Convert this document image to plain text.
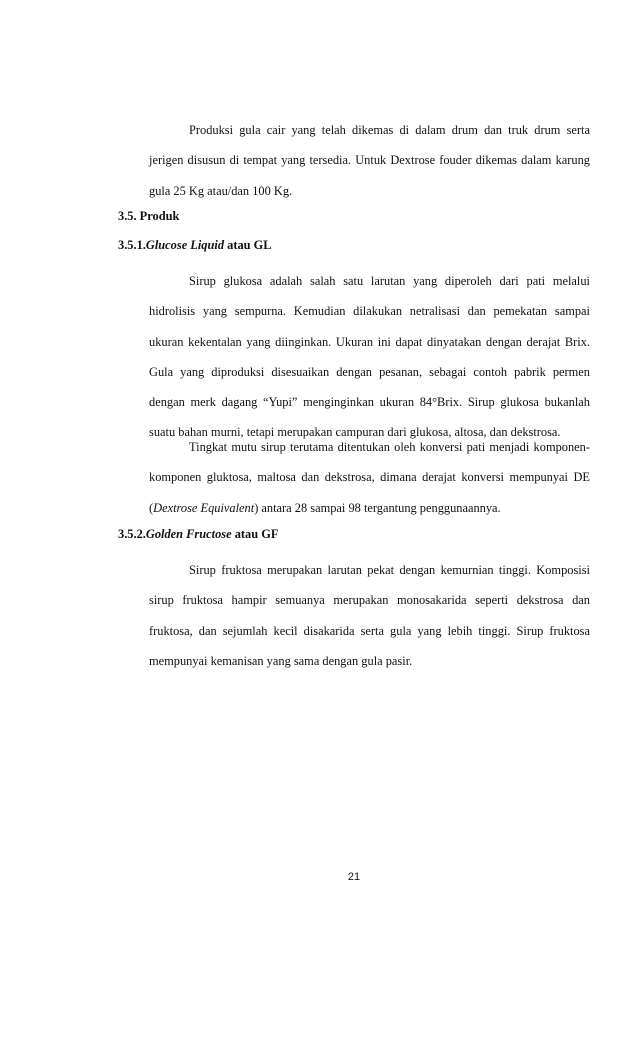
Produksi gula cair yang telah dikemas di dalam drum dan truk drum serta jerigen disusun di tempat yang tersedia. Untuk Dextrose fouder dikemas dalam karung gula 25 Kg atau/dan 100 Kg.

3.5. Produk

3.5.1.Glucose Liquid atau GL

Sirup glukosa adalah salah satu larutan yang diperoleh dari pati melalui hidrolisis yang sempurna. Kemudian dilakukan netralisasi dan pemekatan sampai ukuran kekentalan yang diinginkan. Ukuran ini dapat dinyatakan dengan derajat Brix. Gula yang diproduksi disesuaikan dengan pesanan, sebagai contoh pabrik permen dengan merk dagang “Yupi” menginginkan ukuran 84°Brix. Sirup glukosa bukanlah suatu bahan murni, tetapi merupakan campuran dari glukosa, altosa, dan dekstrosa.

Tingkat mutu sirup terutama ditentukan oleh konversi pati menjadi komponen-komponen gluktosa, maltosa dan dekstrosa, dimana derajat konversi mempunyai DE (Dextrose Equivalent) antara 28 sampai 98 tergantung penggunaannya.

3.5.2.Golden Fructose atau GF

Sirup fruktosa merupakan larutan pekat dengan kemurnian tinggi. Komposisi sirup fruktosa hampir semuanya merupakan monosakarida seperti dekstrosa dan fruktosa, dan sejumlah kecil disakarida serta gula yang lebih tinggi. Sirup fruktosa mempunyai kemanisan yang sama dengan gula pasir.

21
